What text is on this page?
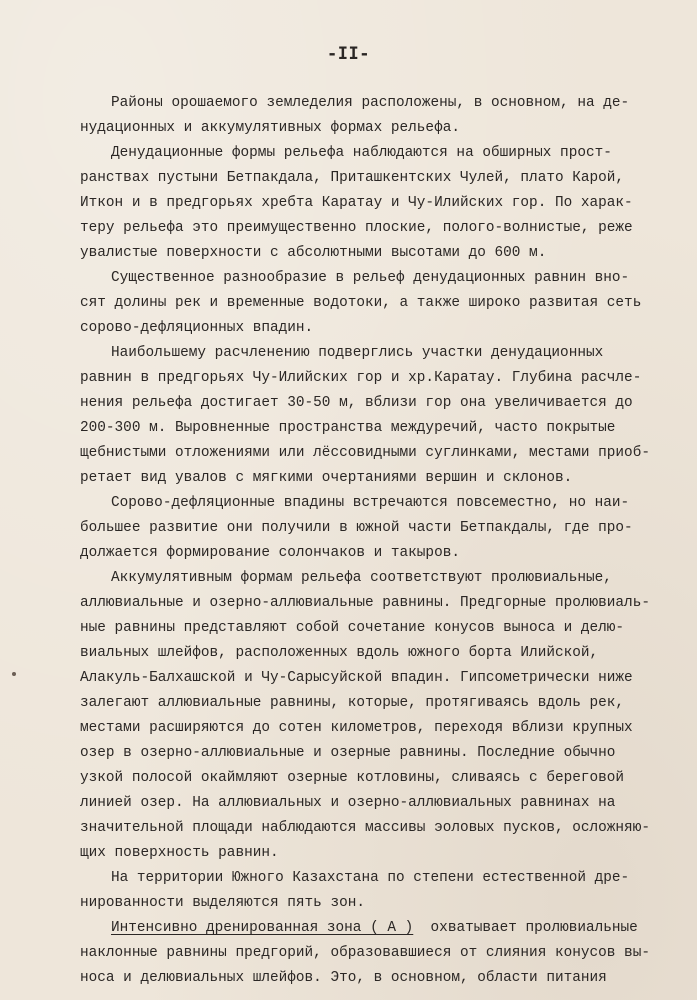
-II-
Районы орошаемого земледелия расположены, в основном, на де-
нудационных и аккумулятивных формах рельефа.
Денудационные формы рельефа наблюдаются на обширных прост-
ранствах пустыни Бетпакдала, Приташкентских Чулей, плато Карой,
Иткон и в предгорьях хребта Каратау и Чу-Илийских гор. По харак-
теру рельефа это преимущественно плоские, полого-волнистые, реже
увалистые поверхности с абсолютными высотами до 600 м.
Существенное разнообразие в рельеф денудационных равнин вно-
сят долины рек и временные водотоки, а также широко развитая сеть
сорово-дефляционных впадин.
Наибольшему расчленению подверглись участки денудационных
равнин в предгорьях Чу-Илийских гор и хр.Каратау. Глубина расчле-
нения рельефа достигает 30-50 м, вблизи гор она увеличивается до
200-300 м. Выровненные пространства междуречий, часто покрытые
щебнистыми отложениями или лёссовидными суглинками, местами приоб-
ретает вид увалов с мягкими очертаниями вершин и склонов.
Сорово-дефляционные впадины встречаются повсеместно, но наи-
большее развитие они получили в южной части Бетпакдалы, где про-
должается формирование солончаков и такыров.
Аккумулятивным формам рельефа соответствуют пролювиальные,
аллювиальные и озерно-аллювиальные равнины. Предгорные пролювиаль-
ные равнины представляют собой сочетание конусов выноса и делю-
виальных шлейфов, расположенных вдоль южного борта Илийской,
Алакуль-Балхашской и Чу-Сарысуйской впадин. Гипсометрически ниже
залегают аллювиальные равнины, которые, протягиваясь вдоль рек,
местами расширяются до сотен километров, переходя вблизи крупных
озер в озерно-аллювиальные и озерные равнины. Последние обычно
узкой полосой окаймляют озерные котловины, сливаясь с береговой
линией озер. На аллювиальных и озерно-аллювиальных равнинах на
значительной площади наблюдаются массивы эоловых пусков, осложняю-
щих поверхность равнин.
На территории Южного Казахстана по степени естественной дре-
нированности выделяются пять зон.
Интенсивно дренированная зона ( А ) охватывает пролювиальные
наклонные равнины предгорий, образовавшиеся от слияния конусов вы-
носа и делювиальных шлейфов. Это, в основном, области питания
